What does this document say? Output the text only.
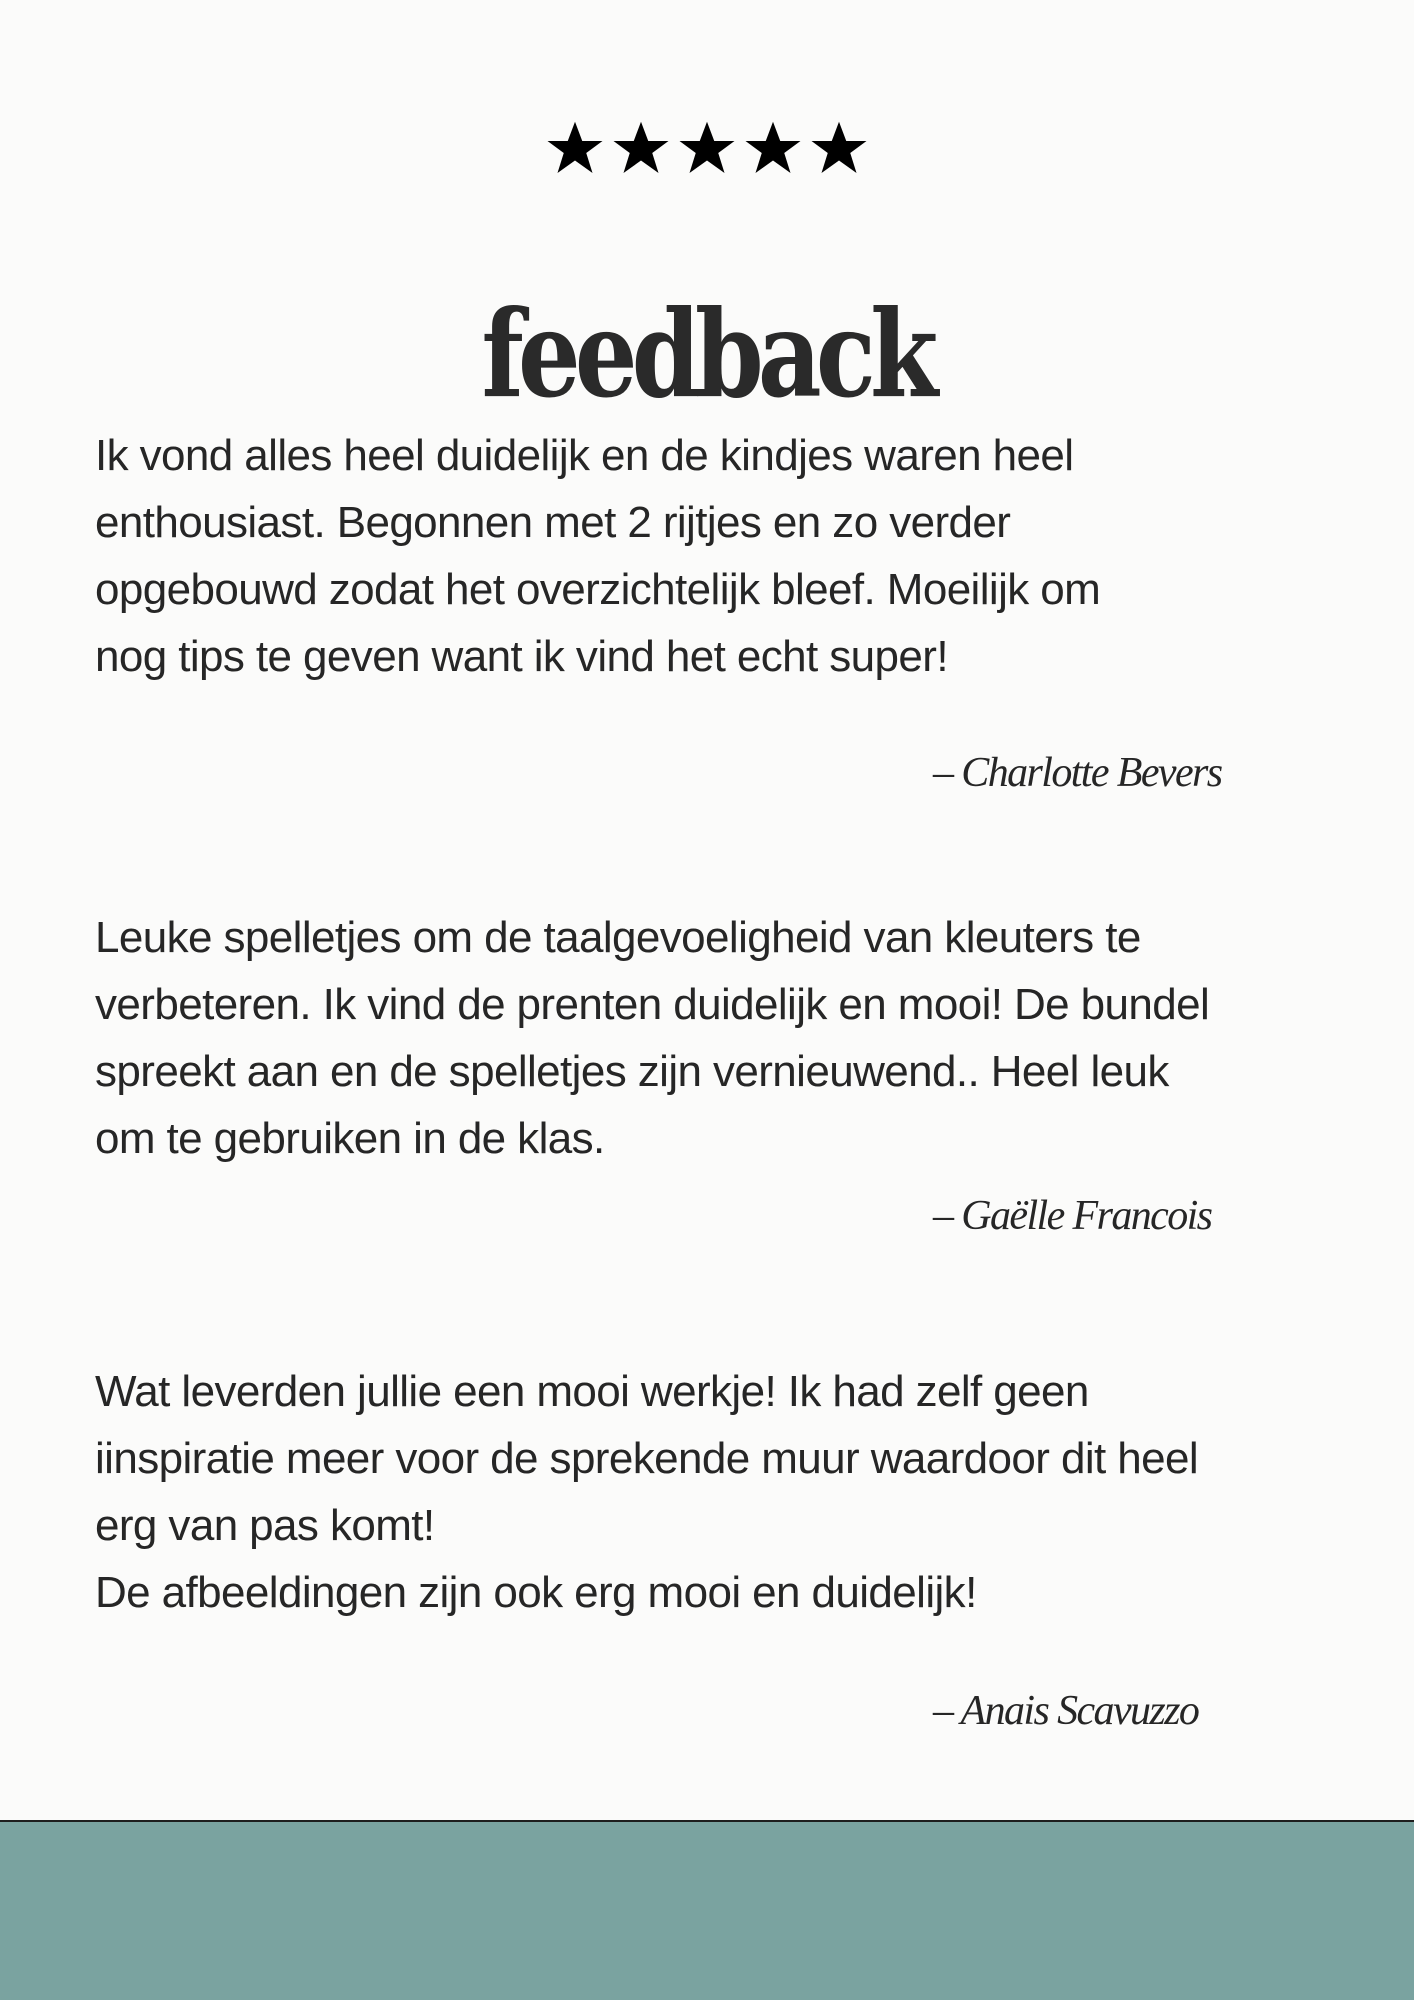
feedback

Ik vond alles heel duidelijk en de kindjes waren heel
enthousiast. Begonnen met 2 rijtjes en zo verder
opgebouwd zodat het overzichtelijk bleef. Moeilijk om
nog tips te geven want ik vind het echt super!

– Charlotte Bevers

Leuke spelletjes om de taalgevoeligheid van kleuters te
verbeteren. Ik vind de prenten duidelijk en mooi! De bundel
spreekt aan en de spelletjes zijn vernieuwend.. Heel leuk
om te gebruiken in de klas.

– Gaëlle Francois

Wat leverden jullie een mooi werkje! Ik had zelf geen
iinspiratie meer voor de sprekende muur waardoor dit heel
erg van pas komt!
De afbeeldingen zijn ook erg mooi en duidelijk!

– Anais Scavuzzo
